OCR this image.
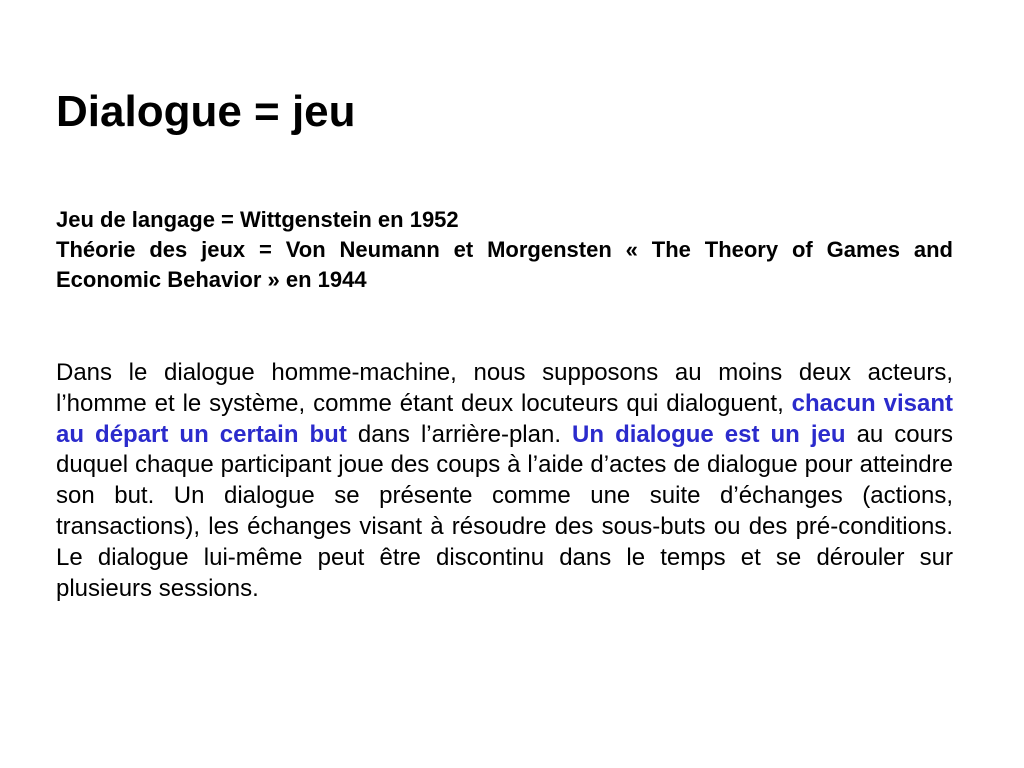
Dialogue = jeu

Jeu de langage = Wittgenstein en 1952
Théorie des jeux = Von Neumann et Morgensten « The Theory of Games and Economic Behavior » en 1944

Dans le dialogue homme-machine, nous supposons au moins deux acteurs, l’homme et le système, comme étant deux locuteurs qui dialoguent, chacun visant au départ un certain but dans l’arrière-plan. Un dialogue est un jeu au cours duquel chaque participant joue des coups à l’aide d’actes de dialogue pour atteindre son but. Un dialogue se présente comme une suite d’échanges (actions, transactions), les échanges visant à résoudre des sous-buts ou des pré-conditions. Le dialogue lui-même peut être discontinu dans le temps et se dérouler sur plusieurs sessions.
